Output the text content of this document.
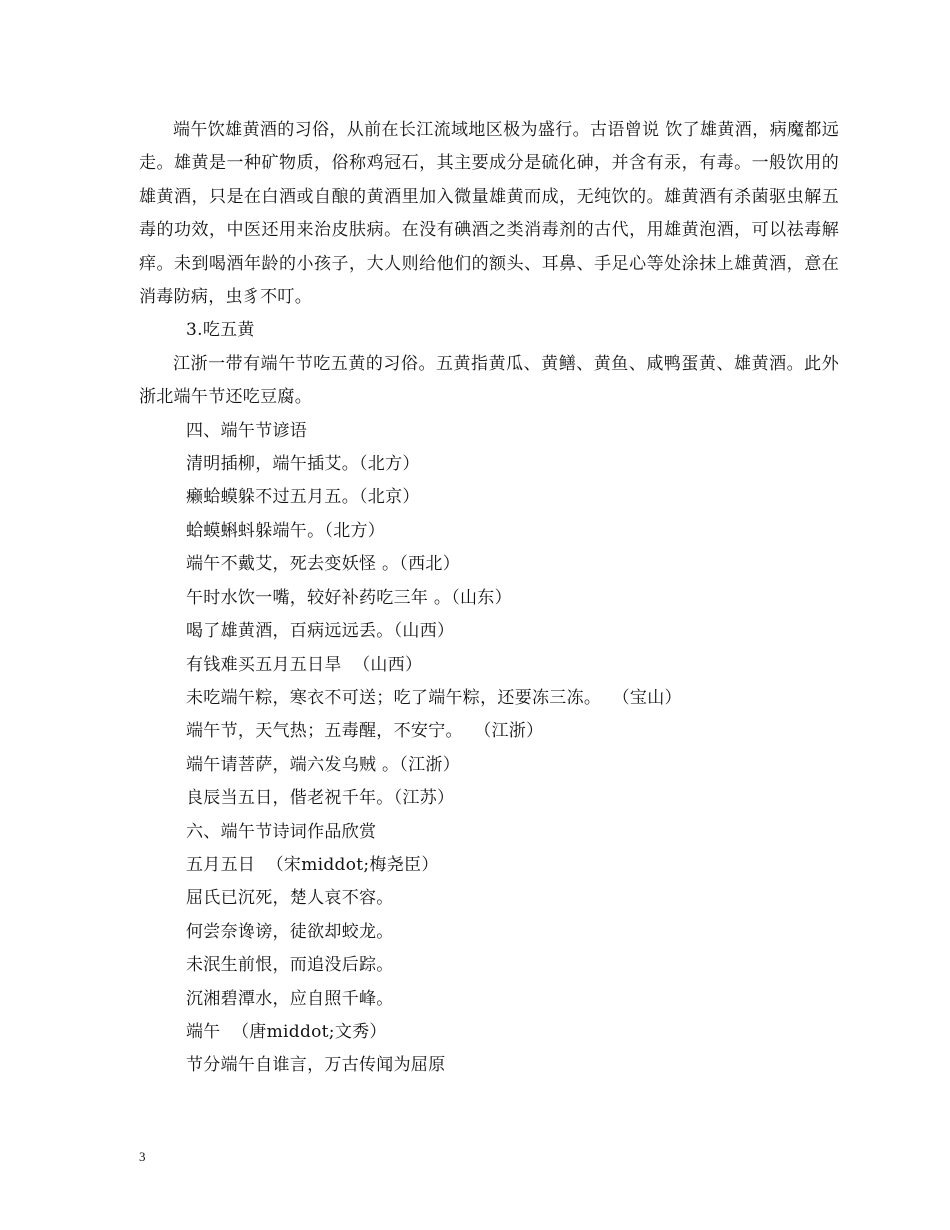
端午饮雄黄酒的习俗，从前在长江流域地区极为盛行。古语曾说 饮了雄黄酒，病魔都远走。雄黄是一种矿物质，俗称鸡冠石，其主要成分是硫化砷，并含有汞，有毒。一般饮用的雄黄酒，只是在白酒或自酿的黄酒里加入微量雄黄而成，无纯饮的。雄黄酒有杀菌驱虫解五毒的功效，中医还用来治皮肤病。在没有碘酒之类消毒剂的古代，用雄黄泡酒，可以祛毒解痒。未到喝酒年龄的小孩子，大人则给他们的额头、耳鼻、手足心等处涂抹上雄黄酒，意在消毒防病，虫豸不叮。

3.吃五黄

江浙一带有端午节吃五黄的习俗。五黄指黄瓜、黄鳝、黄鱼、咸鸭蛋黄、雄黄酒。此外浙北端午节还吃豆腐。

四、端午节谚语

清明插柳，端午插艾。（北方）

癞蛤蟆躲不过五月五。（北京）

蛤蟆蝌蚪躲端午。（北方）

端午不戴艾，死去变妖怪 。（西北）

午时水饮一嘴，较好补药吃三年 。（山东）

喝了雄黄酒，百病远远丢。（山西）

有钱难买五月五日旱  （山西）

未吃端午粽，寒衣不可送；吃了端午粽，还要冻三冻。  （宝山）

端午节，天气热；五毒醒，不安宁。  （江浙）

端午请菩萨，端六发乌贼 。（江浙）

良辰当五日，偕老祝千年。（江苏）

六、端午节诗词作品欣赏

五月五日  （宋middot;梅尧臣）

屈氏已沉死，楚人哀不容。

何尝奈谗谤，徒欲却蛟龙。

未泯生前恨，而追没后踪。

沉湘碧潭水，应自照千峰。

端午  （唐middot;文秀）

节分端午自谁言，万古传闻为屈原

3
